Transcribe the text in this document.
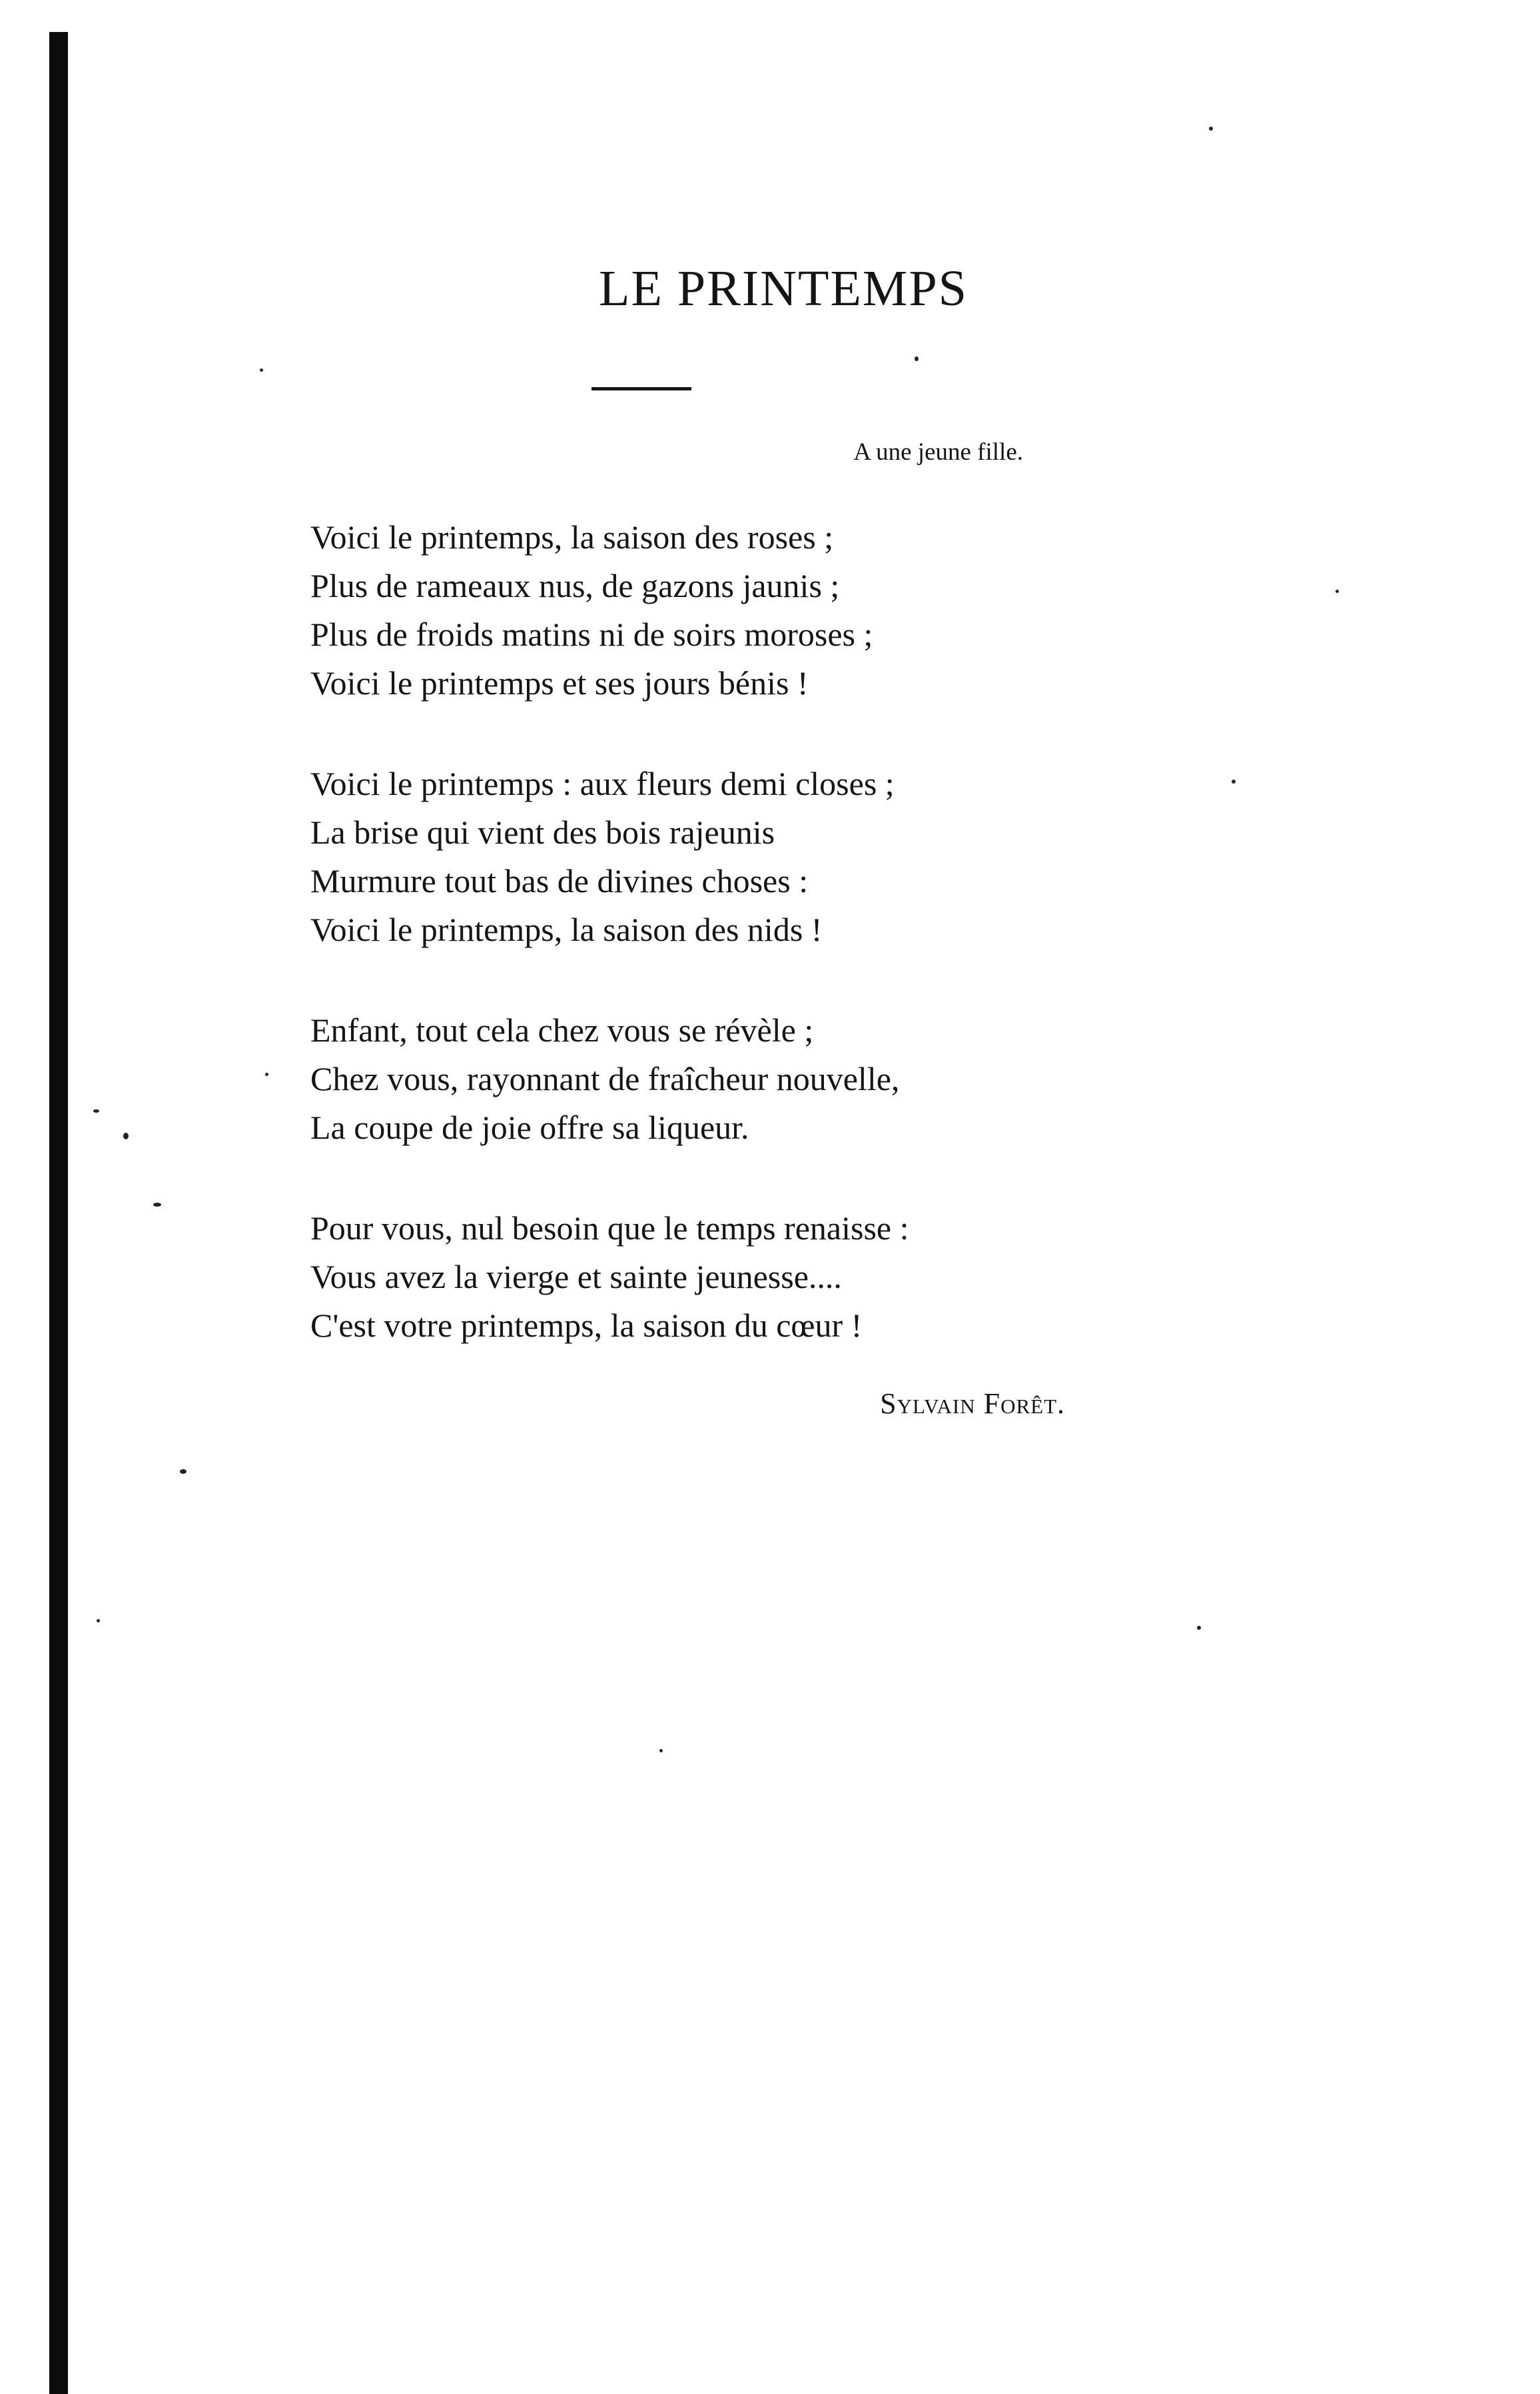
LE PRINTEMPS
A une jeune fille.
Voici le printemps, la saison des roses ;
Plus de rameaux nus, de gazons jaunis ;
Plus de froids matins ni de soirs moroses ;
Voici le printemps et ses jours bénis !
Voici le printemps : aux fleurs demi closes ;
La brise qui vient des bois rajeunis
Murmure tout bas de divines choses :
Voici le printemps, la saison des nids !
Enfant, tout cela chez vous se révèle ;
Chez vous, rayonnant de fraîcheur nouvelle,
La coupe de joie offre sa liqueur.
Pour vous, nul besoin que le temps renaisse :
Vous avez la vierge et sainte jeunesse....
C'est votre printemps, la saison du cœur !
Sylvain Forêt.
